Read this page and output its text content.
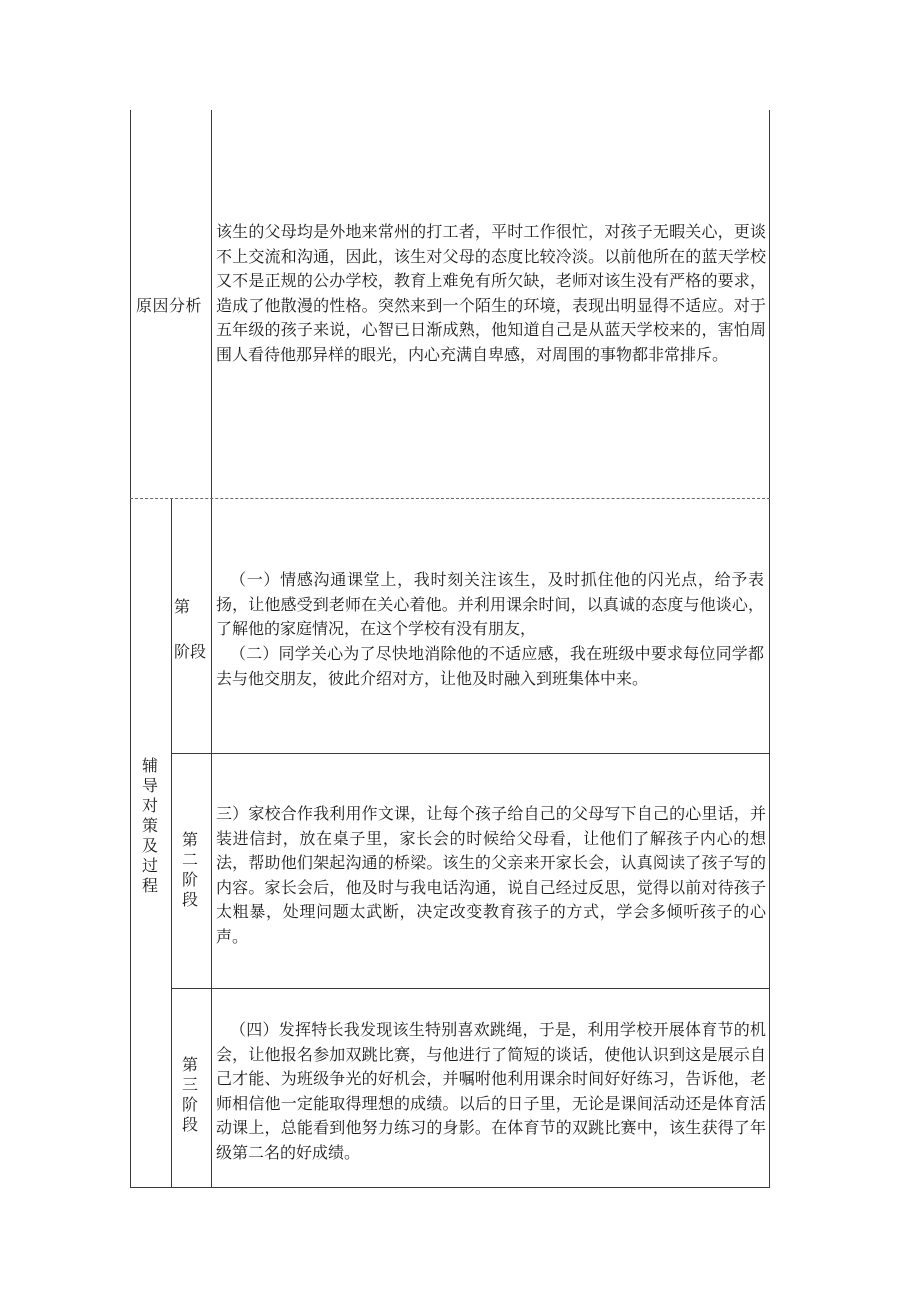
原因分析

该生的父母均是外地来常州的打工者，平时工作很忙，对孩子无暇关心，更谈不上交流和沟通，因此，该生对父母的态度比较冷淡。以前他所在的蓝天学校又不是正规的公办学校，教育上难免有所欠缺，老师对该生没有严格的要求，造成了他散漫的性格。突然来到一个陌生的环境，表现出明显得不适应。对于五年级的孩子来说，心智已日渐成熟，他知道自己是从蓝天学校来的，害怕周围人看待他那异样的眼光，内心充满自卑感，对周围的事物都非常排斥。

辅导对策及过程
第
阶段

（一）情感沟通课堂上，我时刻关注该生，及时抓住他的闪光点，给予表扬，让他感受到老师在关心着他。并利用课余时间，以真诚的态度与他谈心，了解他的家庭情况，在这个学校有没有朋友，

（二）同学关心为了尽快地消除他的不适应感，我在班级中要求每位同学都去与他交朋友，彼此介绍对方，让他及时融入到班集体中来。

第二阶段

三）家校合作我利用作文课，让每个孩子给自己的父母写下自己的心里话，并装进信封，放在桌子里，家长会的时候给父母看，让他们了解孩子内心的想法，帮助他们架起沟通的桥梁。该生的父亲来开家长会，认真阅读了孩子写的内容。家长会后，他及时与我电话沟通，说自己经过反思，觉得以前对待孩子太粗暴，处理问题太武断，决定改变教育孩子的方式，学会多倾听孩子的心声。

第三阶段

（四）发挥特长我发现该生特别喜欢跳绳，于是，利用学校开展体育节的机会，让他报名参加双跳比赛，与他进行了简短的谈话，使他认识到这是展示自己才能、为班级争光的好机会，并嘱咐他利用课余时间好好练习，告诉他，老师相信他一定能取得理想的成绩。以后的日子里，无论是课间活动还是体育活动课上，总能看到他努力练习的身影。在体育节的双跳比赛中，该生获得了年级第二名的好成绩。
